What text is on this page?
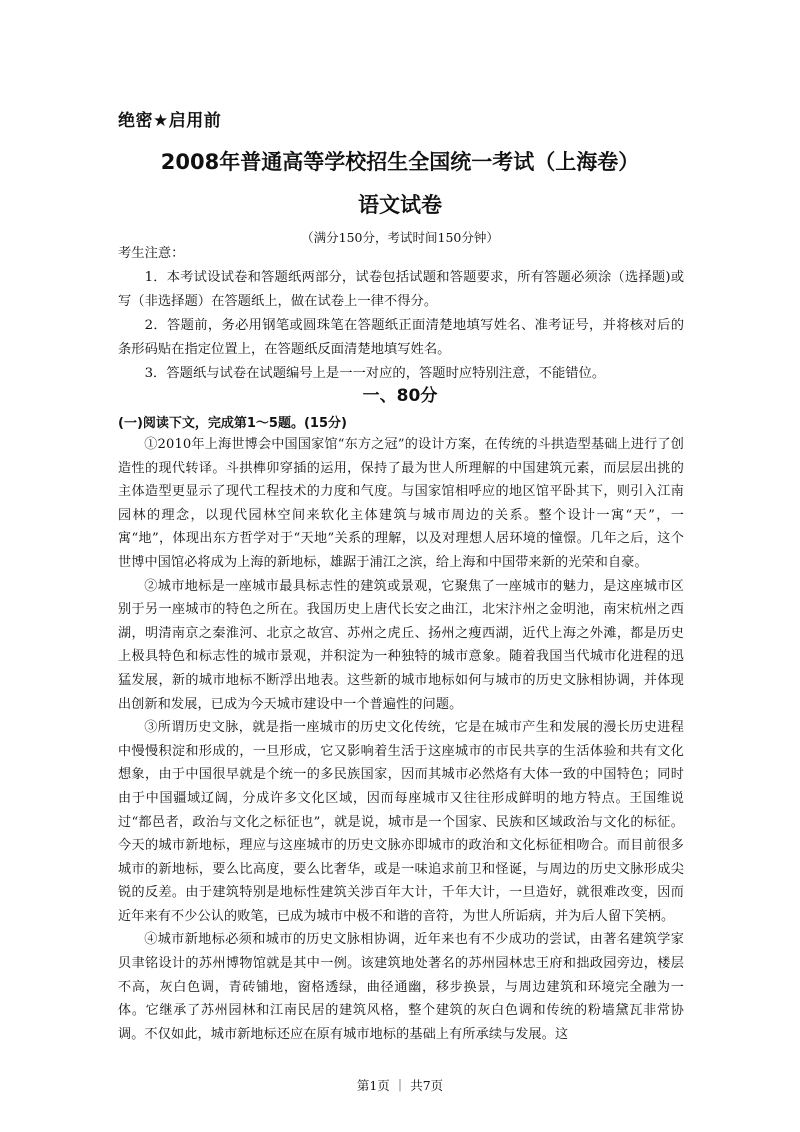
绝密★启用前
2008年普通高等学校招生全国统一考试（上海卷）
语文试卷
（满分150分，考试时间150分钟）

考生注意：

1．本考试设试卷和答题纸两部分，试卷包括试题和答题要求，所有答题必须涂（选择题)或写（非选择题）在答题纸上，做在试卷上一律不得分。

2．答题前，务必用钢笔或圆珠笔在答题纸正面清楚地填写姓名、准考证号，并将核对后的条形码贴在指定位置上，在答题纸反面清楚地填写姓名。

3．答题纸与试卷在试题编号上是一一对应的，答题时应特别注意，不能错位。

一、80分
(一)阅读下文，完成第1～5题。(15分)

①2010年上海世博会中国国家馆“东方之冠”的设计方案，在传统的斗拱造型基础上进行了创造性的现代转译。斗拱榫卯穿插的运用，保持了最为世人所理解的中国建筑元素，而层层出挑的主体造型更显示了现代工程技术的力度和气度。与国家馆相呼应的地区馆平卧其下，则引入江南园林的理念，以现代园林空间来软化主体建筑与城市周边的关系。整个设计一寓“天”，一寓“地”，体现出东方哲学对于“天地”关系的理解，以及对理想人居环境的憧憬。几年之后，这个世博中国馆必将成为上海的新地标，雄踞于浦江之滨，给上海和中国带来新的光荣和自豪。

②城市地标是一座城市最具标志性的建筑或景观，它聚焦了一座城市的魅力，是这座城市区别于另一座城市的特色之所在。我国历史上唐代长安之曲江，北宋汴州之金明池，南宋杭州之西湖，明清南京之秦淮河、北京之故宫、苏州之虎丘、扬州之瘦西湖，近代上海之外滩，都是历史上极具特色和标志性的城市景观，并积淀为一种独特的城市意象。随着我国当代城市化进程的迅猛发展，新的城市地标不断浮出地表。这些新的城市地标如何与城市的历史文脉相协调，并体现出创新和发展，已成为今天城市建设中一个普遍性的问题。

③所谓历史文脉，就是指一座城市的历史文化传统，它是在城市产生和发展的漫长历史进程中慢慢积淀和形成的，一旦形成，它又影响着生活于这座城市的市民共享的生活体验和共有文化想象，由于中国很早就是个统一的多民族国家，因而其城市必然烙有大体一致的中国特色；同时由于中国疆域辽阔，分成许多文化区域，因而每座城市又往往形成鲜明的地方特点。王国维说过“都邑者，政治与文化之标征也”，就是说，城市是一个国家、民族和区域政治与文化的标征。今天的城市新地标，理应与这座城市的历史文脉亦即城市的政治和文化标征相吻合。而目前很多城市的新地标，要么比高度，要么比奢华，或是一味追求前卫和怪诞，与周边的历史文脉形成尖锐的反差。由于建筑特别是地标性建筑关涉百年大计，千年大计，一旦造好，就很难改变，因而近年来有不少公认的败笔，已成为城市中极不和谐的音符，为世人所诟病，并为后人留下笑柄。

④城市新地标必须和城市的历史文脉相协调，近年来也有不少成功的尝试，由著名建筑学家贝聿铭设计的苏州博物馆就是其中一例。该建筑地处著名的苏州园林忠王府和拙政园旁边，楼层不高，灰白色调，青砖铺地，窗格透绿，曲径通幽，移步换景，与周边建筑和环境完全融为一体。它继承了苏州园林和江南民居的建筑风格，整个建筑的灰白色调和传统的粉墙黛瓦非常协调。不仅如此，城市新地标还应在原有城市地标的基础上有所承续与发展。这

第1页 ｜ 共7页
